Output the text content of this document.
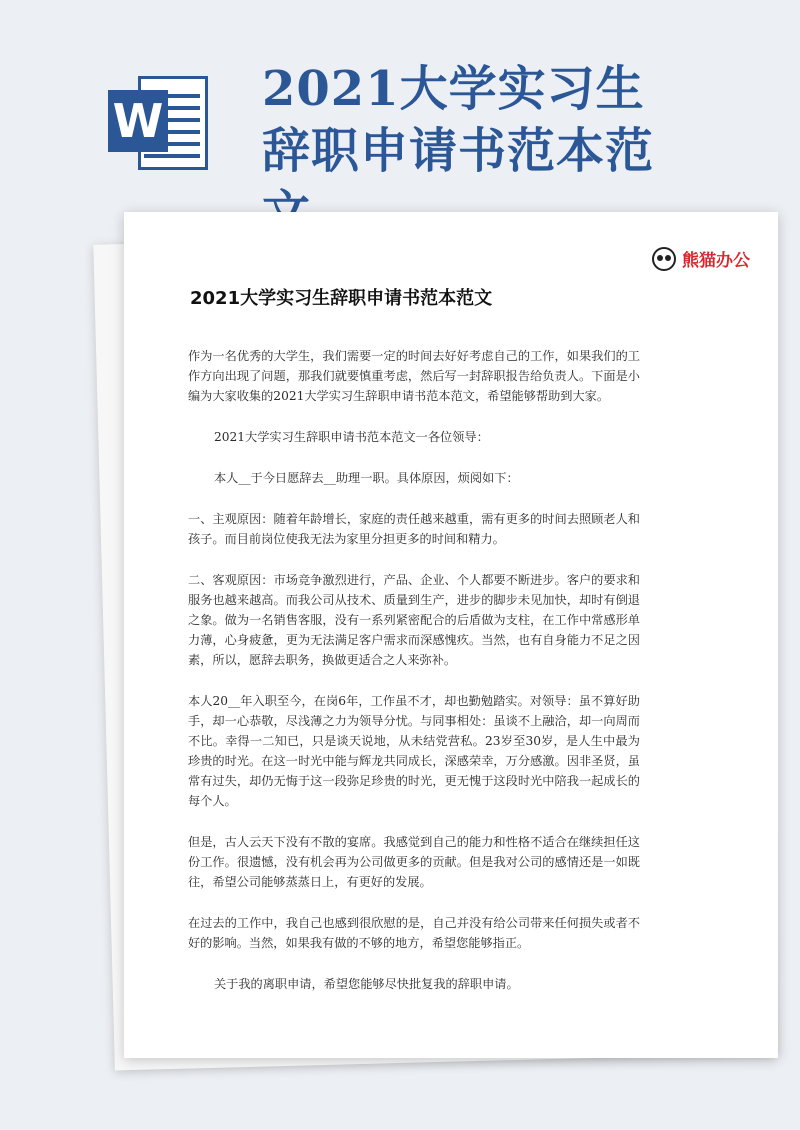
W
2021大学实习生辞职申请书范本范
熊猫办公
2021大学实习生辞职申请书范本范文

作为一名优秀的大学生，我们需要一定的时间去好好考虑自己的工作，如果我们的工作方向出现了问题，那我们就要慎重考虑，然后写一封辞职报告给负责人。下面是小编为大家收集的2021大学实习生辞职申请书范本范文，希望能够帮助到大家。

2021大学实习生辞职申请书范本范文一各位领导：

本人__于今日愿辞去__助理一职。具体原因，烦阅如下：

一、主观原因：随着年龄增长，家庭的责任越来越重，需有更多的时间去照顾老人和孩子。而目前岗位使我无法为家里分担更多的时间和精力。

二、客观原因：市场竞争激烈进行，产品、企业、个人都要不断进步。客户的要求和服务也越来越高。而我公司从技术、质量到生产，进步的脚步未见加快，却时有倒退之象。做为一名销售客服，没有一系列紧密配合的后盾做为支柱，在工作中常感形单力薄，心身疲惫，更为无法满足客户需求而深感愧疚。当然，也有自身能力不足之因素，所以，愿辞去职务，换做更适合之人来弥补。

本人20__年入职至今，在岗6年，工作虽不才，却也勤勉踏实。对领导：虽不算好助手，却一心恭敬，尽浅薄之力为领导分忧。与同事相处：虽谈不上融洽，却一向周而不比。幸得一二知已，只是谈天说地，从未结党营私。23岁至30岁，是人生中最为珍贵的时光。在这一时光中能与辉龙共同成长，深感荣幸，万分感激。因非圣贤，虽常有过失，却仍无悔于这一段弥足珍贵的时光，更无愧于这段时光中陪我一起成长的每个人。

但是，古人云天下没有不散的宴席。我感觉到自己的能力和性格不适合在继续担任这份工作。很遗憾，没有机会再为公司做更多的贡献。但是我对公司的感情还是一如既往，希望公司能够蒸蒸日上，有更好的发展。

在过去的工作中，我自己也感到很欣慰的是，自己并没有给公司带来任何损失或者不好的影响。当然，如果我有做的不够的地方，希望您能够指正。

关于我的离职申请，希望您能够尽快批复我的辞职申请。
